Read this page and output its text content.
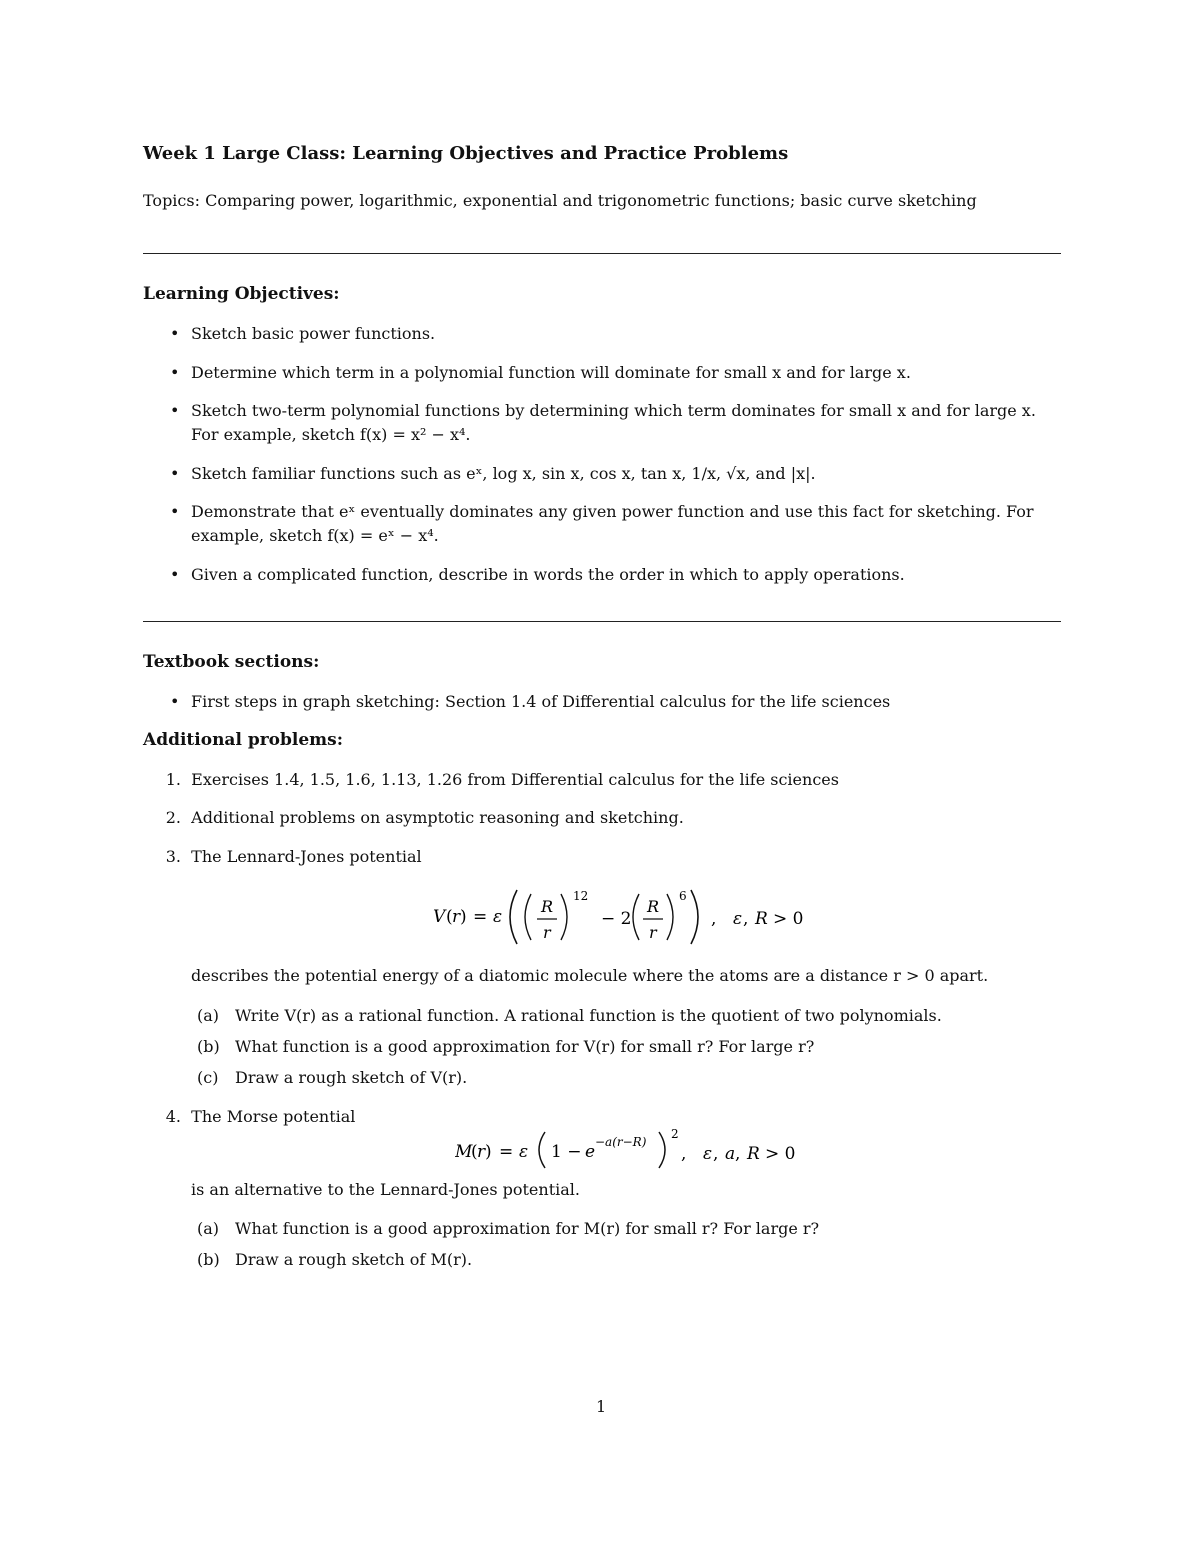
Week 1 Large Class: Learning Objectives and Practice Problems
Topics: Comparing power, logarithmic, exponential and trigonometric functions; basic curve sketching
Learning Objectives:
• Sketch basic power functions.
• Determine which term in a polynomial function will dominate for small x and for large x.
• Sketch two-term polynomial functions by determining which term dominates for small x and for large x. For example, sketch f(x) = x² − x⁴.
• Sketch familiar functions such as eˣ, log x, sin x, cos x, tan x, 1/x, √x, and |x|.
• Demonstrate that eˣ eventually dominates any given power function and use this fact for sketching. For example, sketch f(x) = eˣ − x⁴.
• Given a complicated function, describe in words the order in which to apply operations.
Textbook sections:
• First steps in graph sketching: Section 1.4 of Differential calculus for the life sciences
Additional problems:
1. Exercises 1.4, 1.5, 1.6, 1.13, 1.26 from Differential calculus for the life sciences
2. Additional problems on asymptotic reasoning and sketching.
3. The Lennard-Jones potential
V ( r ) = ε
R
r
12
− 2
R
r
6
, ε , R > 0
describes the potential energy of a diatomic molecule where the atoms are a distance r > 0 apart.
(a) Write V(r) as a rational function. A rational function is the quotient of two polynomials.
(b) What function is a good approximation for V(r) for small r? For large r?
(c) Draw a rough sketch of V(r).
4. The Morse potential
M
( r ) = ε 1 − e −a(r−R)
2
, ε , a , R > 0
is an alternative to the Lennard-Jones potential.
(a) What function is a good approximation for M(r) for small r? For large r?
(b) Draw a rough sketch of M(r).
1
